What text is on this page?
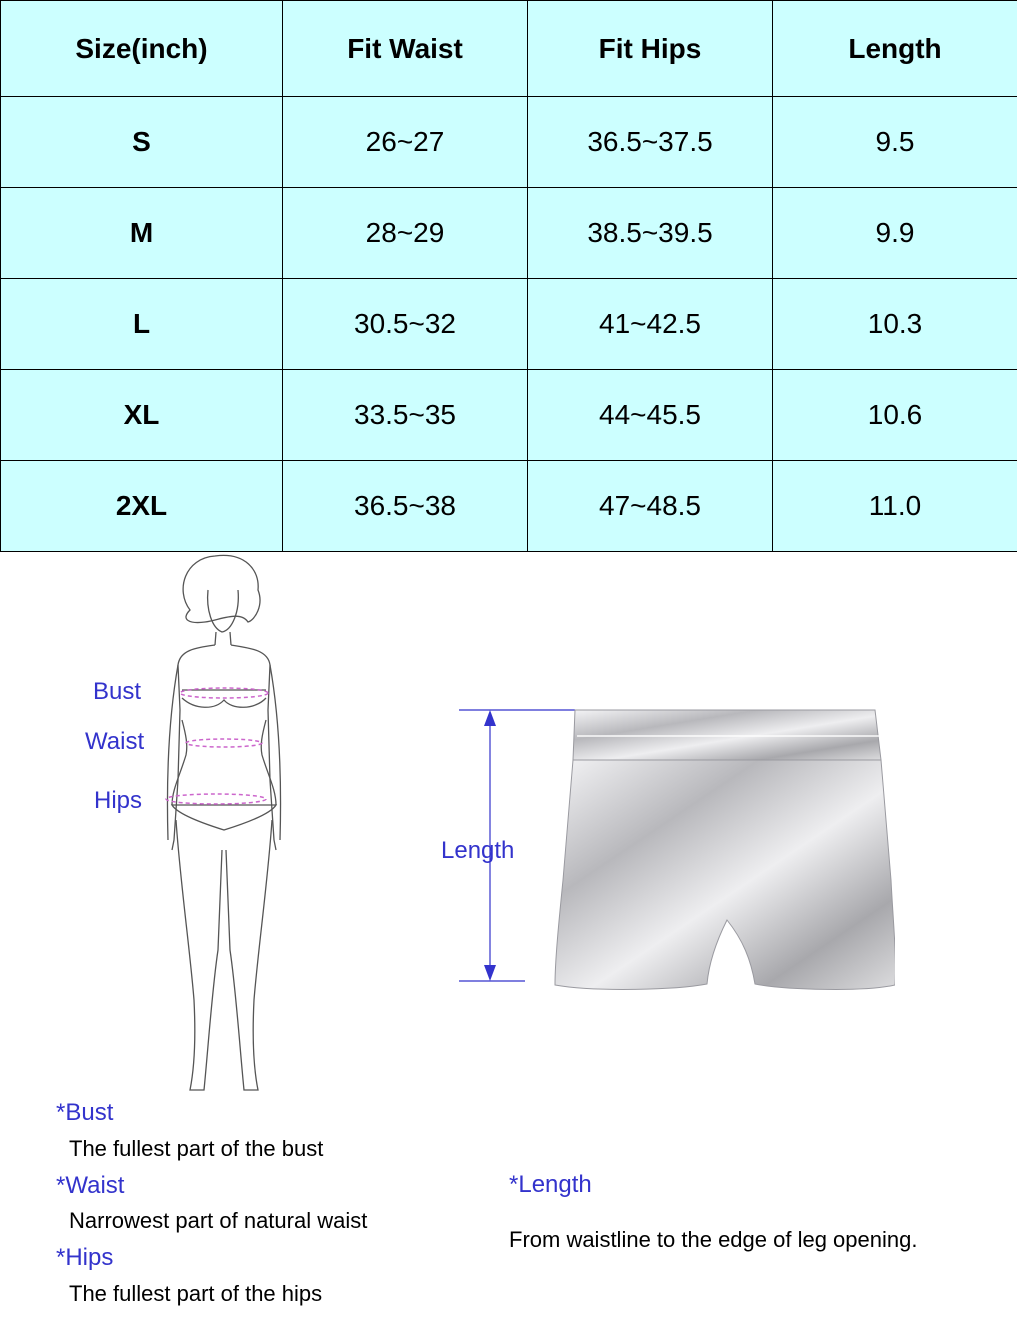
Size(inch)	Fit Waist	Fit Hips	Length
S	26~27	36.5~37.5	9.5
M	28~29	38.5~39.5	9.9
L	30.5~32	41~42.5	10.3
XL	33.5~35	44~45.5	10.6
2XL	36.5~38	47~48.5	11.0
Bust
Waist
Hips
Length
*Bust
The fullest part of the bust
*Waist
Narrowest part of natural waist
*Hips
The fullest part of the hips
*Length
From waistline to the edge of leg opening.
